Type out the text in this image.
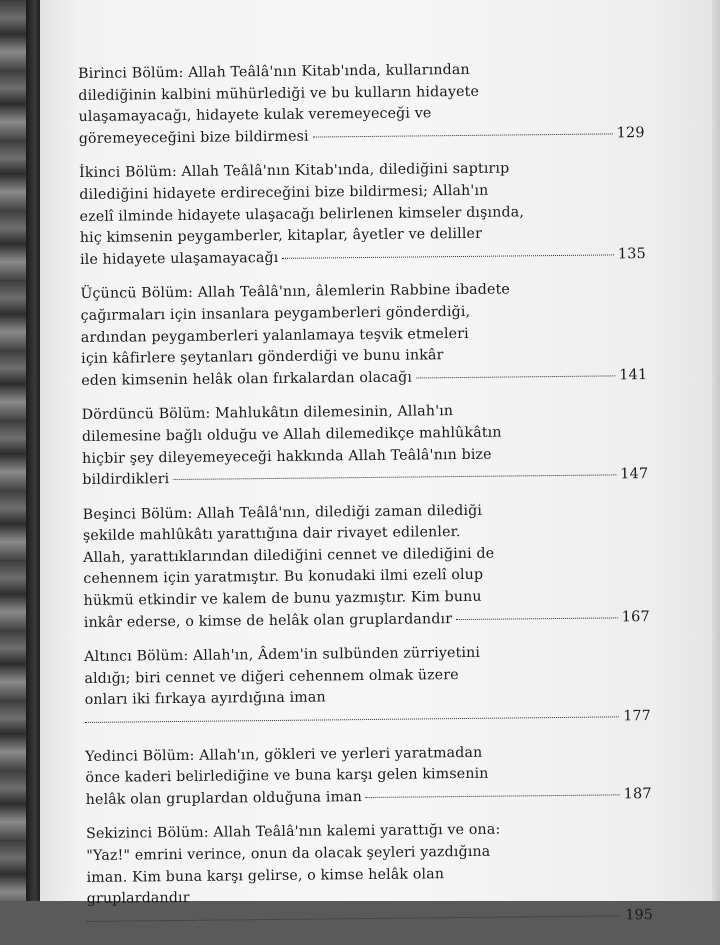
Birinci Bölüm: Allah Teâlâ'nın Kitab'ında, kullarından
dilediğinin kalbini mühürlediği ve bu kulların hidayete
ulaşamayacağı, hidayete kulak veremeyeceği ve
göremeyeceğini bize bildirmesi	129
İkinci Bölüm: Allah Teâlâ'nın Kitab'ında, dilediğini saptırıp
dilediğini hidayete erdireceğini bize bildirmesi; Allah'ın
ezelî ilminde hidayete ulaşacağı belirlenen kimseler dışında,
hiç kimsenin peygamberler, kitaplar, âyetler ve deliller
ile hidayete ulaşamayacağı	135
Üçüncü Bölüm: Allah Teâlâ'nın, âlemlerin Rabbine ibadete
çağırmaları için insanlara peygamberleri gönderdiği,
ardından peygamberleri yalanlamaya teşvik etmeleri
için kâfirlere şeytanları gönderdiği ve bunu inkâr
eden kimsenin helâk olan fırkalardan olacağı	141
Dördüncü Bölüm: Mahlukâtın dilemesinin, Allah'ın
dilemesine bağlı olduğu ve Allah dilemedikçe mahlûkâtın
hiçbir şey dileyemeyeceği hakkında Allah Teâlâ'nın bize
bildirdikleri	147
Beşinci Bölüm: Allah Teâlâ'nın, dilediği zaman dilediği
şekilde mahlûkâtı yarattığına dair rivayet edilenler.
Allah, yarattıklarından dilediğini cennet ve dilediğini de
cehennem için yaratmıştır. Bu konudaki ilmi ezelî olup
hükmü etkindir ve kalem de bunu yazmıştır. Kim bunu
inkâr ederse, o kimse de helâk olan gruplardandır	167
Altıncı Bölüm: Allah'ın, Âdem'in sulbünden zürriyetini
aldığı; biri cennet ve diğeri cehennem olmak üzere
onları iki fırkaya ayırdığına iman
177
Yedinci Bölüm: Allah'ın, gökleri ve yerleri yaratmadan
önce kaderi belirlediğine ve buna karşı gelen kimsenin
helâk olan gruplardan olduğuna iman	187
Sekizinci Bölüm: Allah Teâlâ'nın kalemi yarattığı ve ona:
"Yaz!" emrini verince, onun da olacak şeyleri yazdığına
iman. Kim buna karşı gelirse, o kimse helâk olan
gruplardandır
195
